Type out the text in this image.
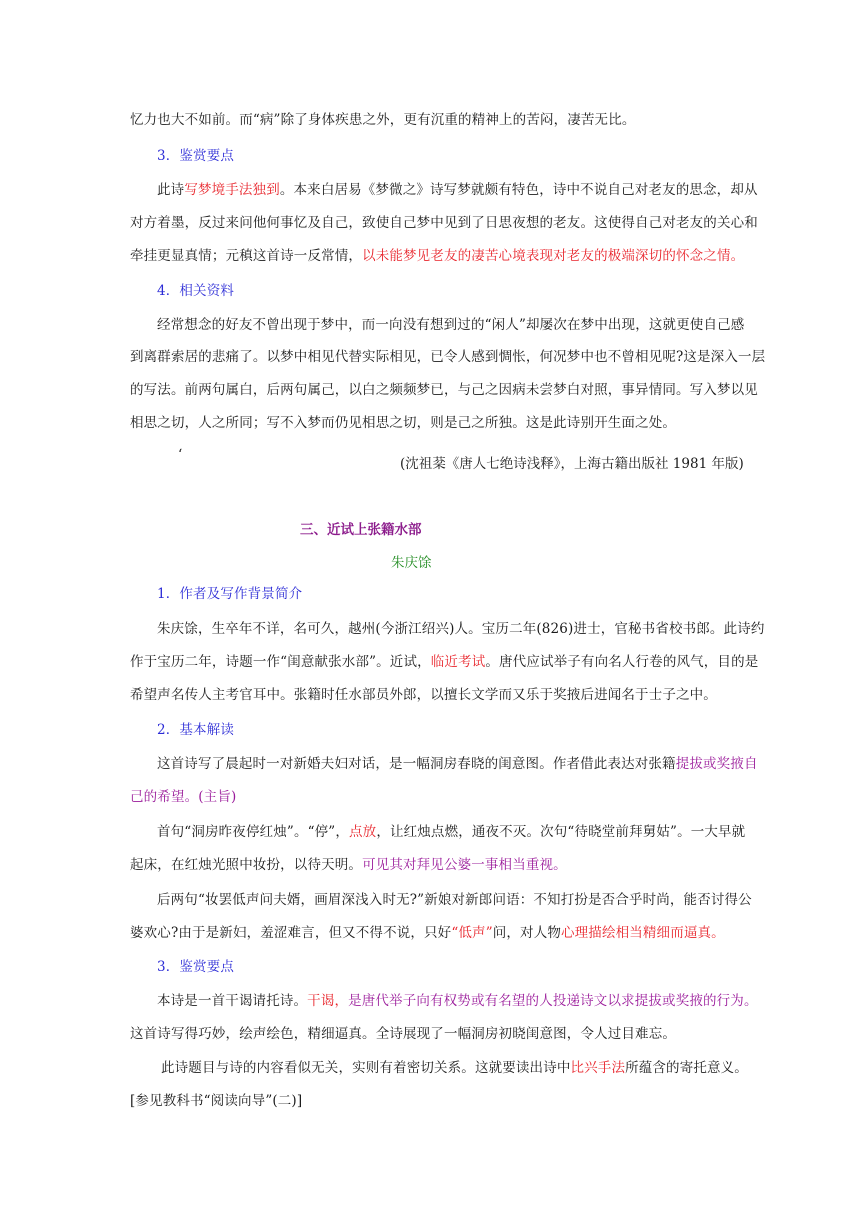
忆力也大不如前。而“病”除了身体疾患之外，更有沉重的精神上的苦闷，凄苦无比。
3．鉴赏要点
此诗写梦境手法独到。本来白居易《梦微之》诗写梦就颇有特色，诗中不说自己对老友的思念，却从
对方着墨，反过来问他何事忆及自己，致使自己梦中见到了日思夜想的老友。这使得自己对老友的关心和
牵挂更显真情；元稹这首诗一反常情，以未能梦见老友的凄苦心境表现对老友的极端深切的怀念之情。
4．相关资料
经常想念的好友不曾出现于梦中，而一向没有想到过的“闲人”却屡次在梦中出现，这就更使自己感
到离群索居的悲痛了。以梦中相见代替实际相见，已令人感到惆怅，何况梦中也不曾相见呢?这是深入一层
的写法。前两句属白，后两句属己，以白之频频梦已，与己之因病未尝梦白对照，事异情同。写入梦以见
相思之切，人之所同；写不入梦而仍见相思之切，则是己之所独。这是此诗别开生面之处。
‘
(沈祖棻《唐人七绝诗浅释》，上海古籍出版社 1981 年版)
三、近试上张籍水部
朱庆馀
1．作者及写作背景简介
朱庆馀，生卒年不详，名可久，越州(今浙江绍兴)人。宝历二年(826)进士，官秘书省校书郎。此诗约
作于宝历二年，诗题一作“闺意献张水部”。近试，临近考试。唐代应试举子有向名人行卷的风气，目的是
希望声名传人主考官耳中。张籍时任水部员外郎，以擅长文学而又乐于奖掖后进闻名于士子之中。
2．基本解读
这首诗写了晨起时一对新婚夫妇对话，是一幅洞房春晓的闺意图。作者借此表达对张籍提拔或奖掖自
己的希望。(主旨)
首句“洞房昨夜停红烛”。“停”，点放，让红烛点燃，通夜不灭。次句“待晓堂前拜舅姑”。一大早就
起床，在红烛光照中妆扮，以待天明。可见其对拜见公婆一事相当重视。
后两句“妆罢低声问夫婿，画眉深浅入时无?”新娘对新郎问语：不知打扮是否合乎时尚，能否讨得公
婆欢心?由于是新妇，羞涩难言，但又不得不说，只好“低声”问，对人物心理描绘相当精细而逼真。
3．鉴赏要点
本诗是一首干谒请托诗。干谒，是唐代举子向有权势或有名望的人投递诗文以求提拔或奖掖的行为。
这首诗写得巧妙，绘声绘色，精细逼真。全诗展现了一幅洞房初晓闺意图，令人过目难忘。
此诗题目与诗的内容看似无关，实则有着密切关系。这就要读出诗中比兴手法所蕴含的寄托意义。
[参见教科书“阅读向导”(二)]
